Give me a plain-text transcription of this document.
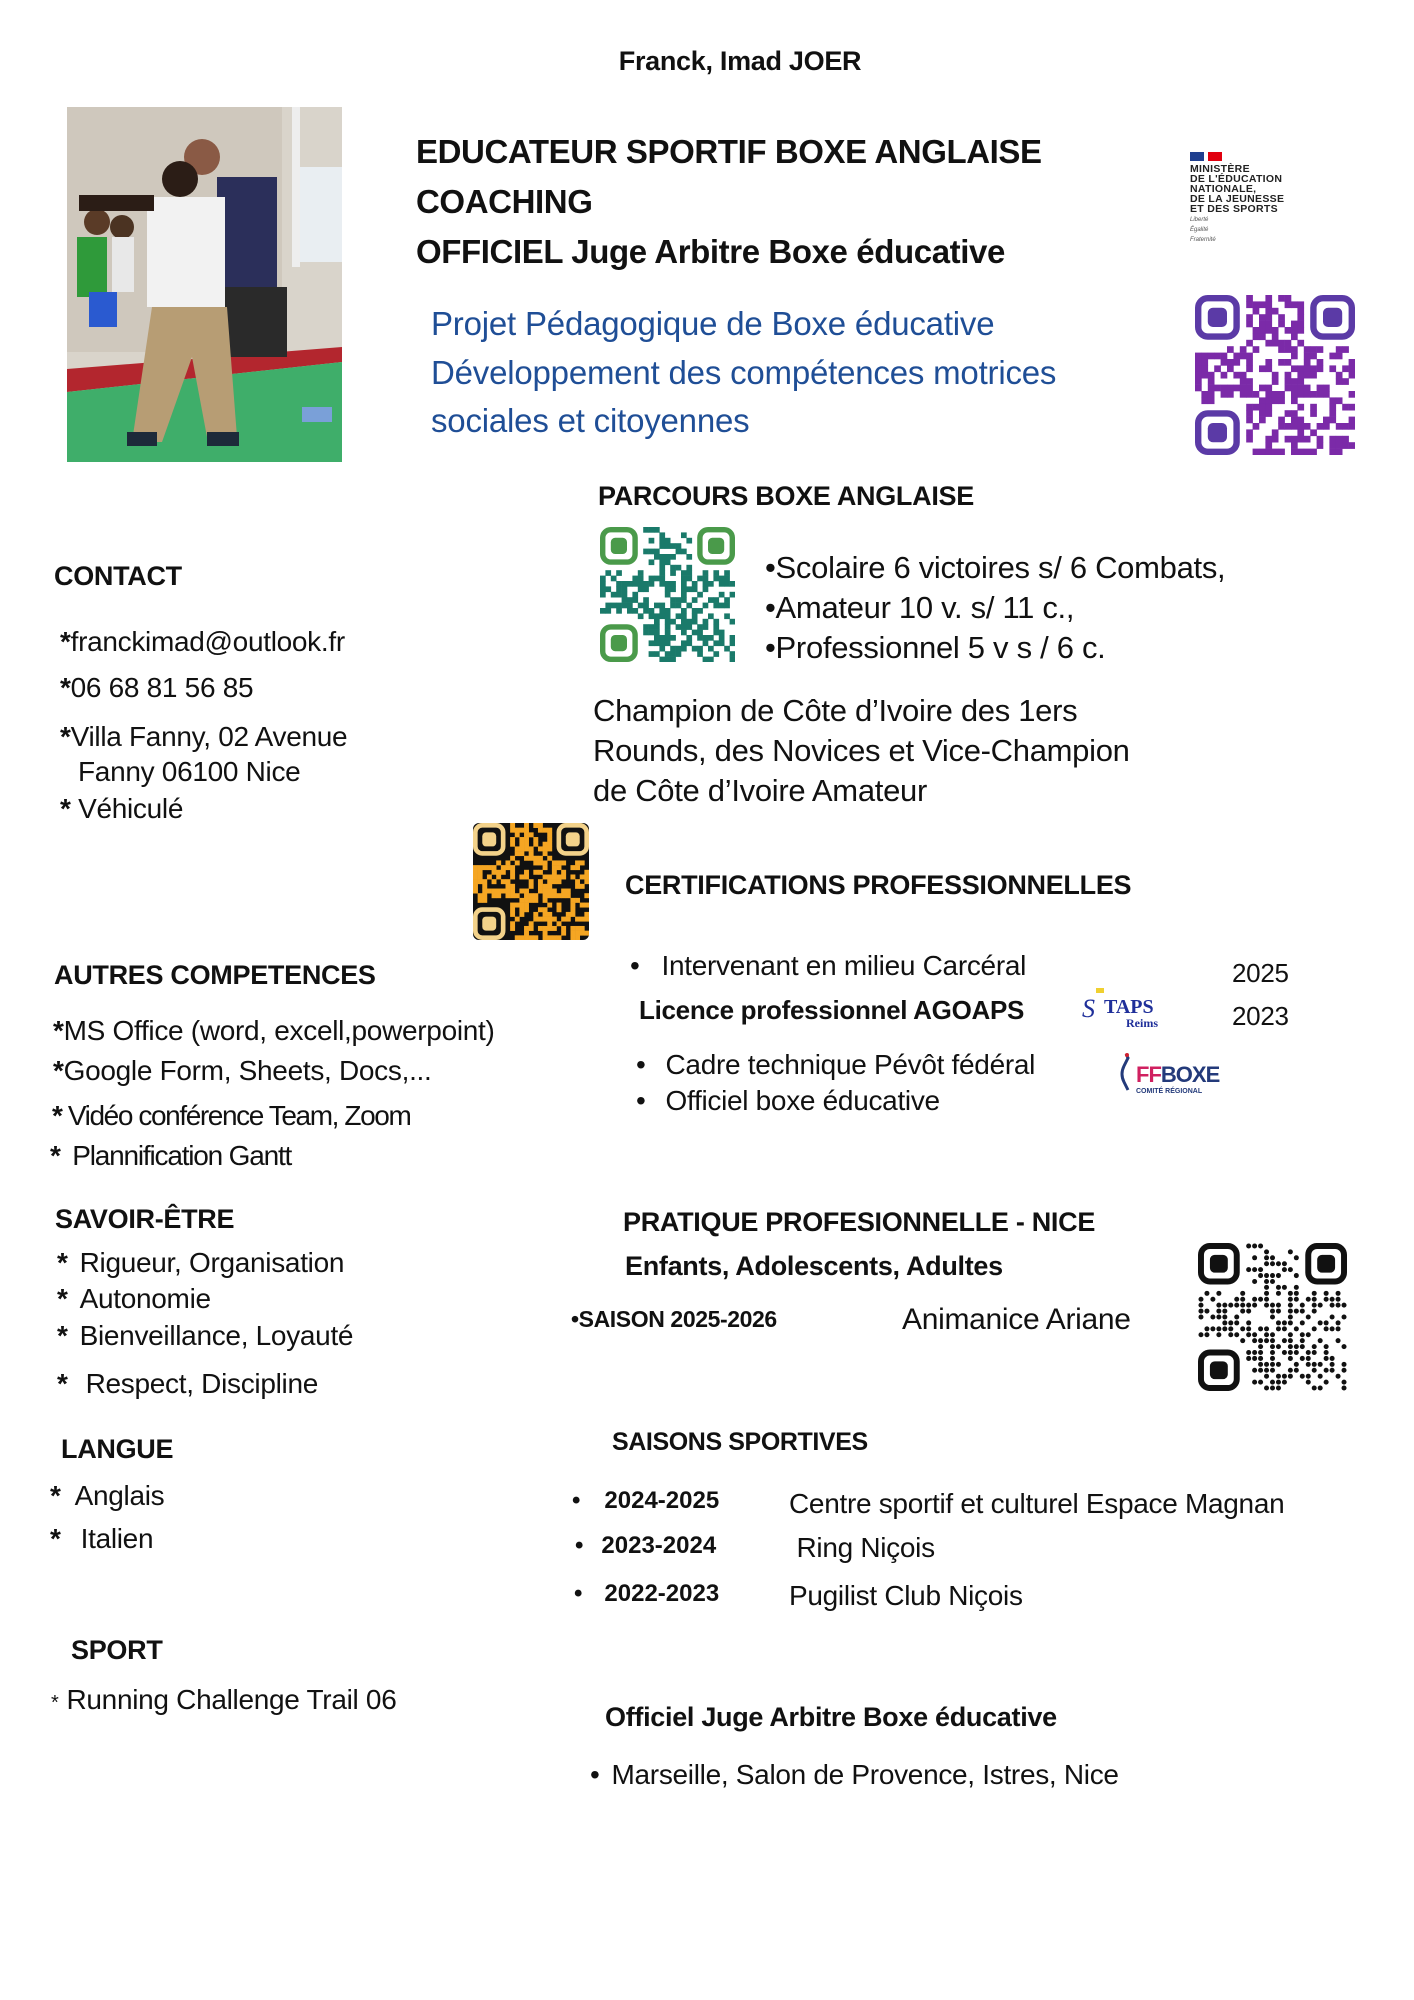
Franck, Imad JOER
EDUCATEUR SPORTIF BOXE ANGLAISE
COACHING
OFFICIEL Juge Arbitre Boxe éducative
Projet Pédagogique de Boxe éducative
Développement des compétences motrices
sociales et citoyennes
MINISTÈRE
DE L'ÉDUCATION
NATIONALE,
DE LA JEUNESSE
ET DES SPORTS
Liberté
Égalité
Fraternité
CONTACT
*franckimad@outlook.fr
*06 68 81 56 85
*Villa Fanny, 02 Avenue
Fanny 06100 Nice
* Véhiculé
PARCOURS BOXE ANGLAISE
•Scolaire 6 victoires s/ 6 Combats,
•Amateur 10 v. s/ 11 c.,
•Professionnel 5 v s / 6 c.
Champion de Côte d’Ivoire des 1ers
Rounds, des Novices et Vice-Champion
de Côte d’Ivoire Amateur
CERTIFICATIONS PROFESSIONNELLES
• Intervenant en milieu Carcéral	2025
Licence professionnel AGOAPS	2023
• Cadre technique Pévôt fédéral
• Officiel boxe éducative
S TAPS
Reims
FFBOXE
COMITÉ RÉGIONAL
AUTRES COMPETENCES
*MS Office (word, excell,powerpoint)
*Google Form, Sheets, Docs,...
* Vidéo conférence Team, Zoom
* Plannification Gantt
SAVOIR-ÊTRE
* Rigueur, Organisation
* Autonomie
* Bienveillance, Loyauté
* Respect, Discipline
LANGUE
* Anglais
* Italien
SPORT
* Running Challenge Trail 06
PRATIQUE PROFESIONNELLE - NICE
Enfants, Adolescents, Adultes
•SAISON 2025-2026	Animanice Ariane
SAISONS SPORTIVES
• 2024-2025 Centre sportif et culturel Espace Magnan
• 2023-2024	Ring Niçois
• 2022-2023 Pugilist Club Niçois
Officiel Juge Arbitre Boxe éducative
• Marseille, Salon de Provence, Istres, Nice
